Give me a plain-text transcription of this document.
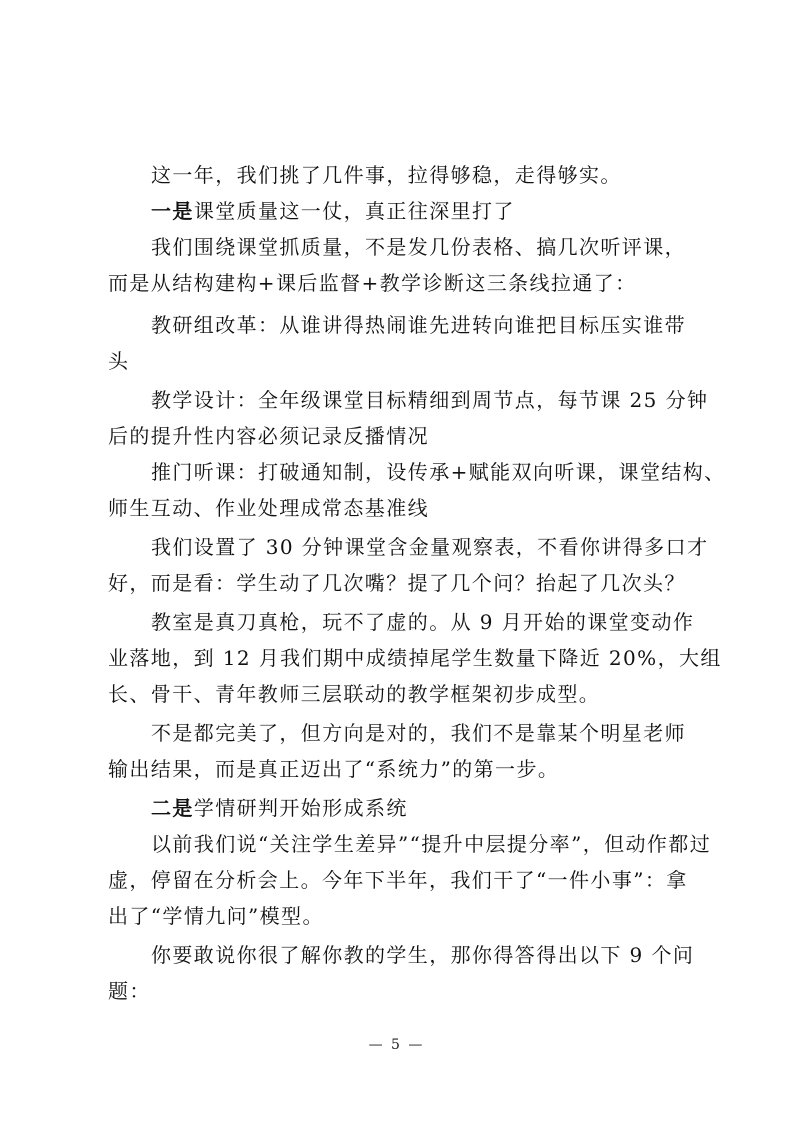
这一年，我们挑了几件事，拉得够稳，走得够实。
一是课堂质量这一仗，真正往深里打了
我们围绕课堂抓质量，不是发几份表格、搞几次听评课，
而是从结构建构+课后监督+教学诊断这三条线拉通了：
教研组改革：从谁讲得热闹谁先进转向谁把目标压实谁带
头
教学设计：全年级课堂目标精细到周节点，每节课 25 分钟
后的提升性内容必须记录反播情况
推门听课：打破通知制，设传承+赋能双向听课，课堂结构、
师生互动、作业处理成常态基准线
我们设置了 30 分钟课堂含金量观察表，不看你讲得多口才
好，而是看：学生动了几次嘴？提了几个问？抬起了几次头？
教室是真刀真枪，玩不了虚的。从 9 月开始的课堂变动作
业落地，到 12 月我们期中成绩掉尾学生数量下降近 20%，大组
长、骨干、青年教师三层联动的教学框架初步成型。
不是都完美了，但方向是对的，我们不是靠某个明星老师
输出结果，而是真正迈出了“系统力”的第一步。
二是学情研判开始形成系统
以前我们说“关注学生差异”“提升中层提分率”，但动作都过
虚，停留在分析会上。今年下半年，我们干了“一件小事”：拿
出了“学情九问”模型。
你要敢说你很了解你教的学生，那你得答得出以下 9 个问
题：
— 5 —
